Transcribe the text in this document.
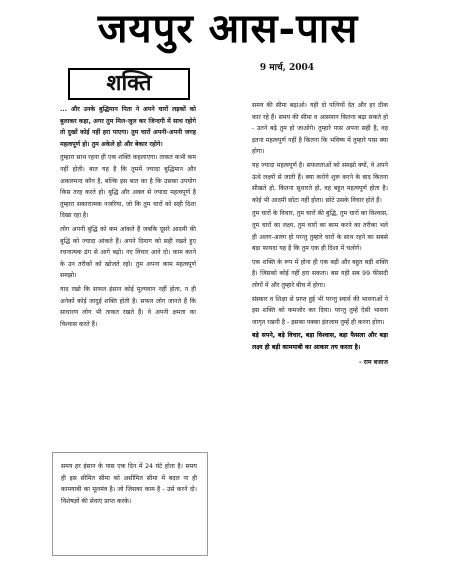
जयपुर आस-पास
9 मार्च, 2004
शक्ति

... और उनके बुद्धिमान पिता ने अपने चारों लड़कों को बुलाकर कहा, अगर तुम मिल-जुल कर जिन्दगी में साथ रहोगे तो दुखों कोई नहीं हरा पाएगा। तुम चारों अपनी-अपनी जगह महत्वपूर्ण हो। तुम अकेले हो और बेकार रहोगे।

तुम्हारा साथ रहना ही एक शक्ति कहलाएगा। ताकत कभी कम नहीं होती। बात यह है कि तुममें ज्यादा बुद्धिमान और अकलमन्द कौन है, बल्कि इस बात का है कि उसका उपयोग किस तरह करते हो। बुद्धि और अक्ल से ज्यादा महत्वपूर्ण है तुम्हारा सकारात्मक नजरिया, जो कि तुम चारों को सही दिशा दिखा रहा है।

लोग अपनी बुद्धि को कम आंकते हैं जबकि दूसरे आदमी की बुद्धि को ज्यादा आंकते हैं। अपने दिमाग को सही रखते हुए रचनात्मक ढंग से आगे बढ़ो। नए विचार आने दो। काम करने के उन तरीकों को खोजते रहो। तुम अपना काम महत्वपूर्ण समझो।

याद रखो कि सफल इंसान कोई मूल्यवान नहीं होता, न ही अनेकों कोई जादुई शक्ति होती है। सफल लोग जानते हैं कि साधारण लोग भी ताकत रखते हैं। वे अपनी क्षमता का विश्वास करते हैं।

समय हर इंसान के पास एक दिन में 24 घंटे होता है। समय ही इस सीमित सीमा को असीमित सीमा में बदल ना ही कामयाबी का मूलमंत्र है। जो जिसका काम है - उसे करने दो। विशेषज्ञों की सेवाएं प्राप्त करके।

समय की सीमा बढ़ाओ। यही दो पत्नियों देत और हर ठीक कार रहे हैं। समय की सीमा व आसमान कितना बढ़ा सकते हो - उतने बढ़े तुम हो जाओगे। तुम्हारे पास अपना सही है, वह इतना महत्वपूर्ण नहीं है कितना कि भविष्य में तुम्हारे पास क्या होगा।

यह ज्यादा महत्वपूर्ण है। सफलताओं को समझो क्यों, वे अपने ऊंचे लक्ष्यों से जाती हैं। क्या करोगे शुरू करने के बाद कितना सीखते हो, कितना सुधारते हो, वह बहुत महत्वपूर्ण होता है। कोई भी आदमी छोटा नहीं होता। छोटे उसके विचार होते हैं।

तुम चारों के विचार, तुम चारों की बुद्धि, तुम चारों का विश्वास, तुम चारों का लक्ष्य, तुम चारों का काम करने का तरीका भले ही अलग-अलग हो परन्तु तुम्हारे चारों के साथ रहने का सबसे बड़ा फायदा यह है कि तुम एक ही दिशा में चलोगे।

एक शक्ति के रूप में होना ही एक बड़ी और बहुत बड़ी शक्ति है। जिसको कोई नहीं हरा सकता। बस यही सब 99 फीसदी लोगों में और तुम्हारे बीच में होगा।

संस्कार व शिक्षा से प्राप्त हुई भी परन्तु स्वार्थ की भावनाओं ने इस शक्ति को कमजोर कर दिया। परन्तु तुम्हें ऐसी भावना जागृत रखनी है - इसका पक्का इंतजाम तुम्हें ही करना होगा।

बड़े सपने, बड़े विचार, बड़ा विश्वास, बड़ा फैसला और बड़ा लक्ष्य ही बड़ी कामयाबी का आकार तय करता है।

- राम बजाज
